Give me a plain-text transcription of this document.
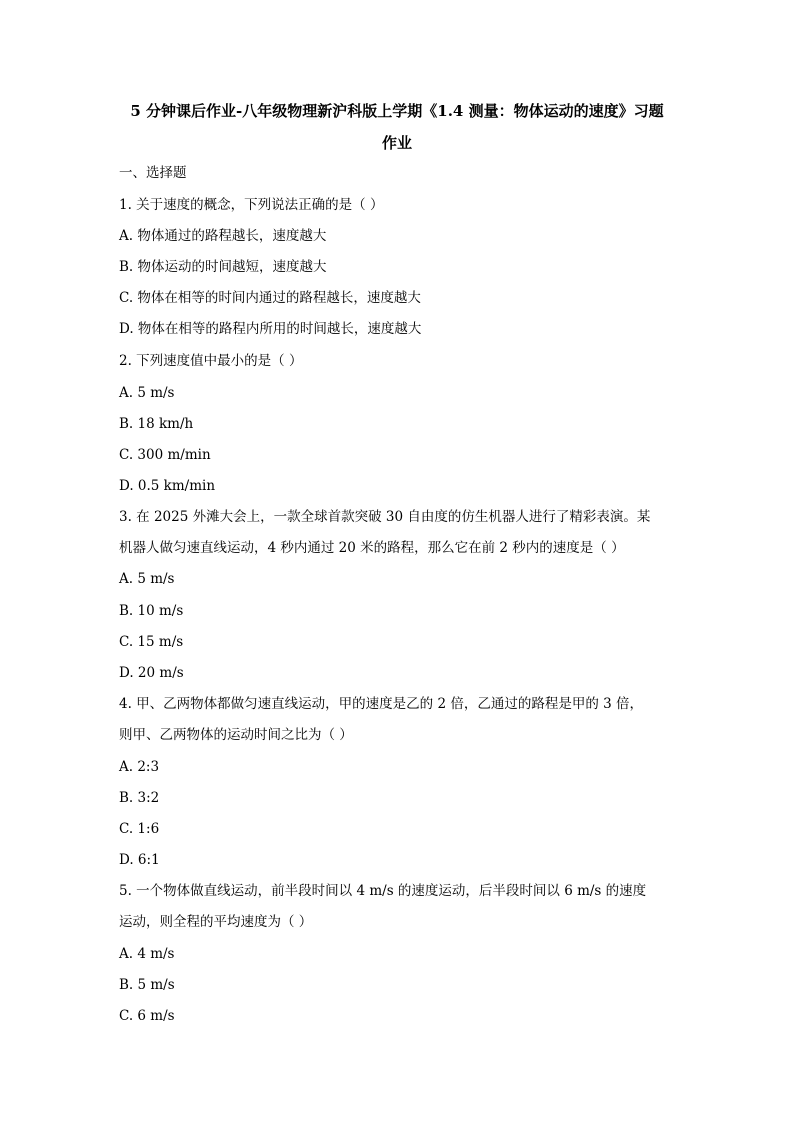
5 分钟课后作业-八年级物理新沪科版上学期《1.4 测量：物体运动的速度》习题
作业
一、选择题
1. 关于速度的概念，下列说法正确的是（ ）
A. 物体通过的路程越长，速度越大
B. 物体运动的时间越短，速度越大
C. 物体在相等的时间内通过的路程越长，速度越大
D. 物体在相等的路程内所用的时间越长，速度越大
2. 下列速度值中最小的是（ ）
A. 5 m/s
B. 18 km/h
C. 300 m/min
D. 0.5 km/min
3. 在 2025 外滩大会上，一款全球首款突破 30 自由度的仿生机器人进行了精彩表演。某
机器人做匀速直线运动，4 秒内通过 20 米的路程，那么它在前 2 秒内的速度是（ ）
A. 5 m/s
B. 10 m/s
C. 15 m/s
D. 20 m/s
4. 甲、乙两物体都做匀速直线运动，甲的速度是乙的 2 倍，乙通过的路程是甲的 3 倍，
则甲、乙两物体的运动时间之比为（ ）
A. 2:3
B. 3:2
C. 1:6
D. 6:1
5. 一个物体做直线运动，前半段时间以 4 m/s 的速度运动，后半段时间以 6 m/s 的速度
运动，则全程的平均速度为（ ）
A. 4 m/s
B. 5 m/s
C. 6 m/s
